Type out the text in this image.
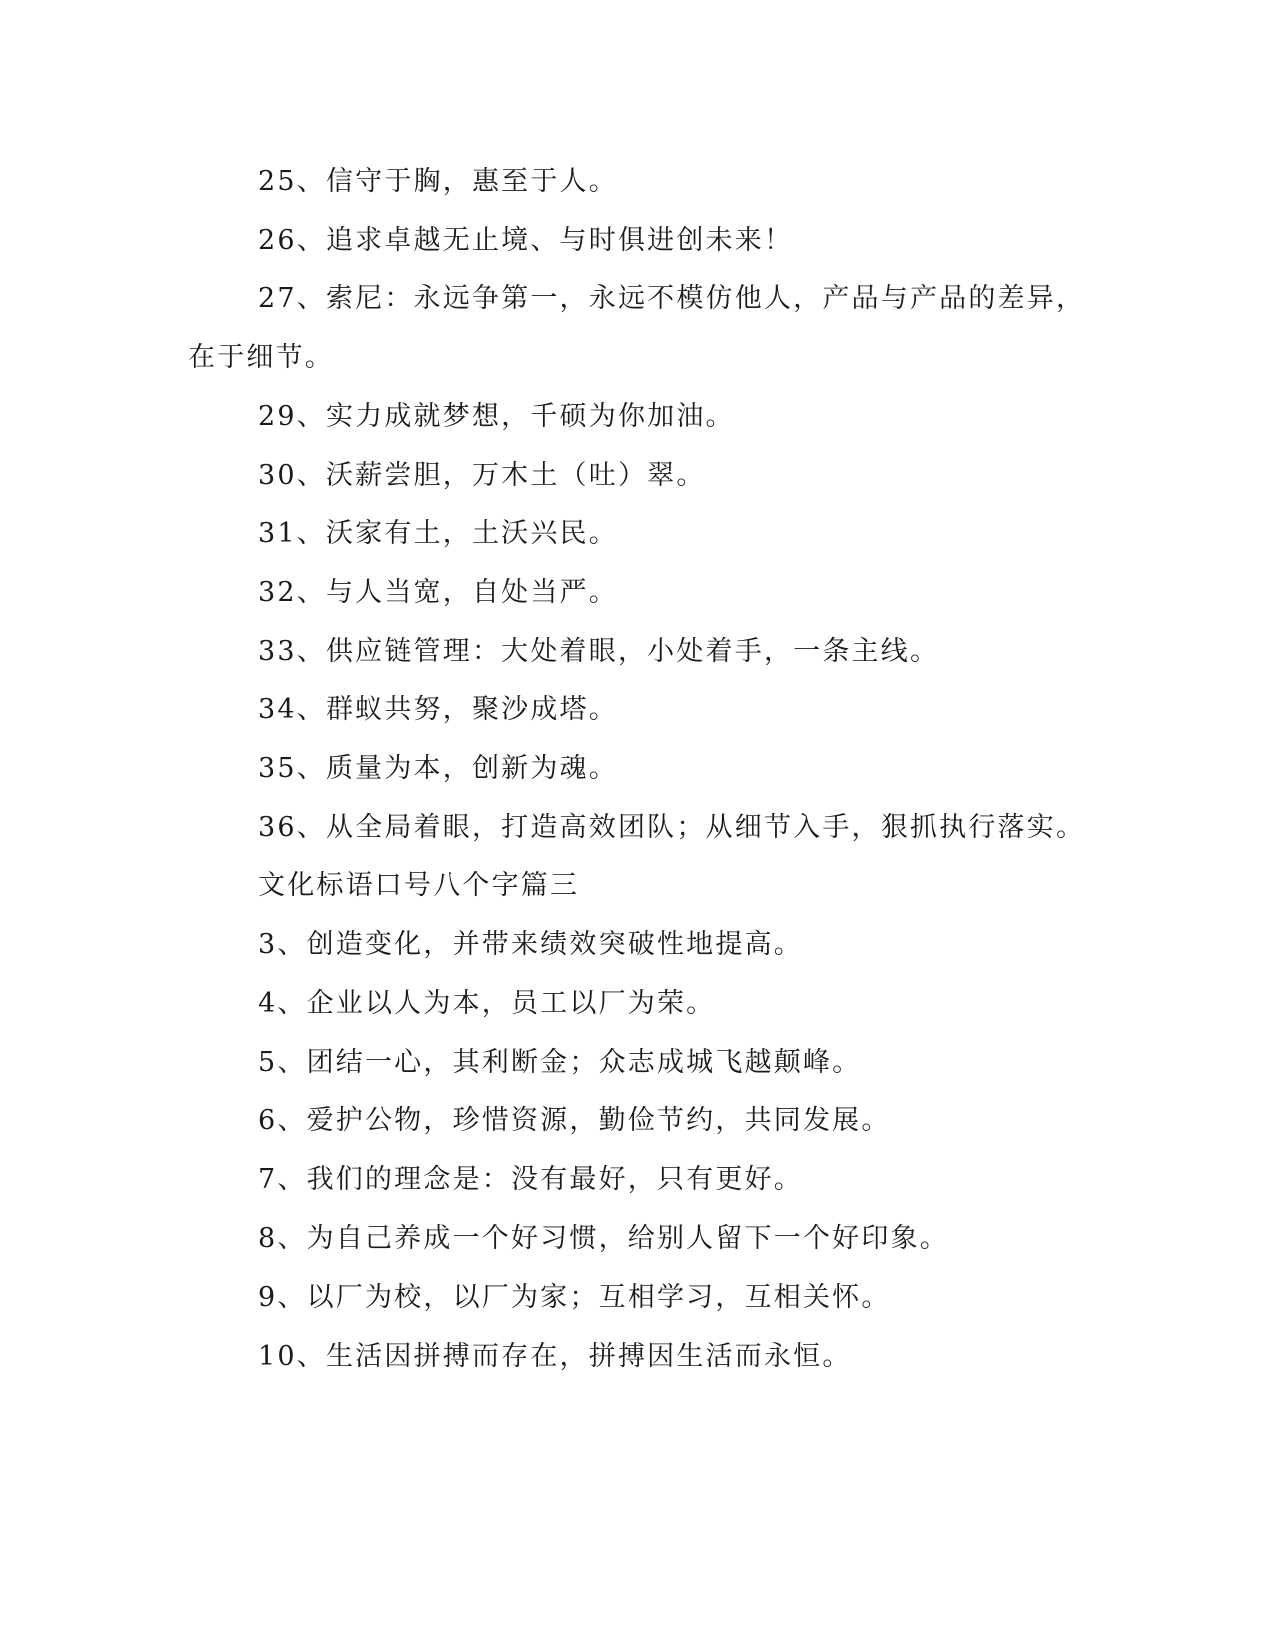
25、信守于胸，惠至于人。
26、追求卓越无止境、与时俱进创未来！
27、索尼：永远争第一，永远不模仿他人，产品与产品的差异，
在于细节。
29、实力成就梦想，千硕为你加油。
30、沃薪尝胆，万木土（吐）翠。
31、沃家有土，土沃兴民。
32、与人当宽，自处当严。
33、供应链管理：大处着眼，小处着手，一条主线。
34、群蚁共努，聚沙成塔。
35、质量为本，创新为魂。
36、从全局着眼，打造高效团队；从细节入手，狠抓执行落实。
文化标语口号八个字篇三
3、创造变化，并带来绩效突破性地提高。
4、企业以人为本，员工以厂为荣。
5、团结一心，其利断金；众志成城飞越颠峰。
6、爱护公物，珍惜资源，勤俭节约，共同发展。
7、我们的理念是：没有最好，只有更好。
8、为自己养成一个好习惯，给别人留下一个好印象。
9、以厂为校，以厂为家；互相学习，互相关怀。
10、生活因拼搏而存在，拼搏因生活而永恒。
